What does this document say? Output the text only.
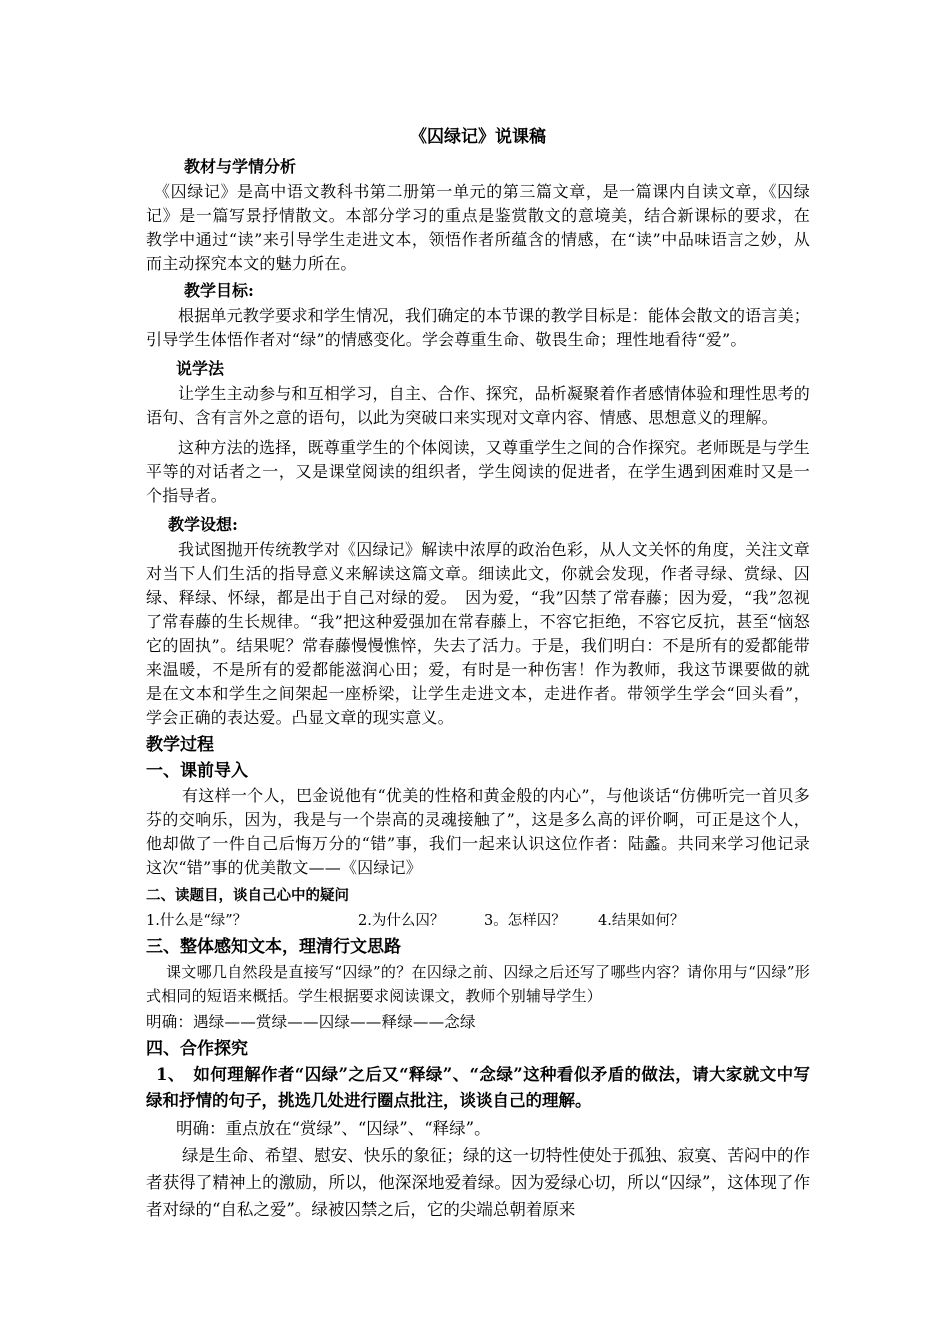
《囚绿记》说课稿

教材与学情分析

《囚绿记》是高中语文教科书第二册第一单元的第三篇文章，是一篇课内自读文章，《囚绿记》是一篇写景抒情散文。本部分学习的重点是鉴赏散文的意境美，结合新课标的要求，在教学中通过“读”来引导学生走进文本，领悟作者所蕴含的情感，在“读”中品味语言之妙，从而主动探究本文的魅力所在。

教学目标:

根据单元教学要求和学生情况，我们确定的本节课的教学目标是：能体会散文的语言美；引导学生体悟作者对“绿”的情感变化。学会尊重生命、敬畏生命；理性地看待“爱”。

说学法

让学生主动参与和互相学习，自主、合作、探究，品析凝聚着作者感情体验和理性思考的语句、含有言外之意的语句，以此为突破口来实现对文章内容、情感、思想意义的理解。

这种方法的选择，既尊重学生的个体阅读，又尊重学生之间的合作探究。老师既是与学生平等的对话者之一，又是课堂阅读的组织者，学生阅读的促进者，在学生遇到困难时又是一个指导者。

教学设想:

我试图抛开传统教学对《囚绿记》解读中浓厚的政治色彩，从人文关怀的角度，关注文章对当下人们生活的指导意义来解读这篇文章。细读此文，你就会发现，作者寻绿、赏绿、囚绿、释绿、怀绿，都是出于自己对绿的爱。　因为爱，“我”囚禁了常春藤；因为爱，“我”忽视了常春藤的生长规律。“我”把这种爱强加在常春藤上，不容它拒绝，不容它反抗，甚至“恼怒它的固执”。结果呢？常春藤慢慢憔悴，失去了活力。于是，我们明白：不是所有的爱都能带来温暖，不是所有的爱都能滋润心田；爱，有时是一种伤害！作为教师，我这节课要做的就是在文本和学生之间架起一座桥梁，让学生走进文本，走进作者。带领学生学会“回头看”，学会正确的表达爱。凸显文章的现实意义。

教学过程

一、课前导入

有这样一个人，巴金说他有“优美的性格和黄金般的内心”，与他谈话“仿佛听完一首贝多芬的交响乐，因为，我是与一个崇高的灵魂接触了”，这是多么高的评价啊，可正是这个人，他却做了一件自己后悔万分的“错”事，我们一起来认识这位作者：陆蠡。共同来学习他记录这次“错”事的优美散文——《囚绿记》

二、读题目，谈自己心中的疑问

1.什么是“绿”？	2.为什么囚？	3。怎样囚？ 4.结果如何？

三、整体感知文本，理清行文思路

课文哪几自然段是直接写“囚绿”的？在囚绿之前、囚绿之后还写了哪些内容？请你用与“囚绿”形式相同的短语来概括。学生根据要求阅读课文，教师个别辅导学生）

明确：遇绿——赏绿——囚绿——释绿——念绿

四、合作探究

1、　如何理解作者“囚绿”之后又“释绿”、“念绿”这种看似矛盾的做法，请大家就文中写绿和抒情的句子，挑选几处进行圈点批注，谈谈自己的理解。

明确：重点放在“赏绿”、“囚绿”、“释绿”。

绿是生命、希望、慰安、快乐的象征；绿的这一切特性使处于孤独、寂寞、苦闷中的作者获得了精神上的激励，所以，他深深地爱着绿。因为爱绿心切，所以“囚绿”，这体现了作者对绿的“自私之爱”。绿被囚禁之后，它的尖端总朝着原来
